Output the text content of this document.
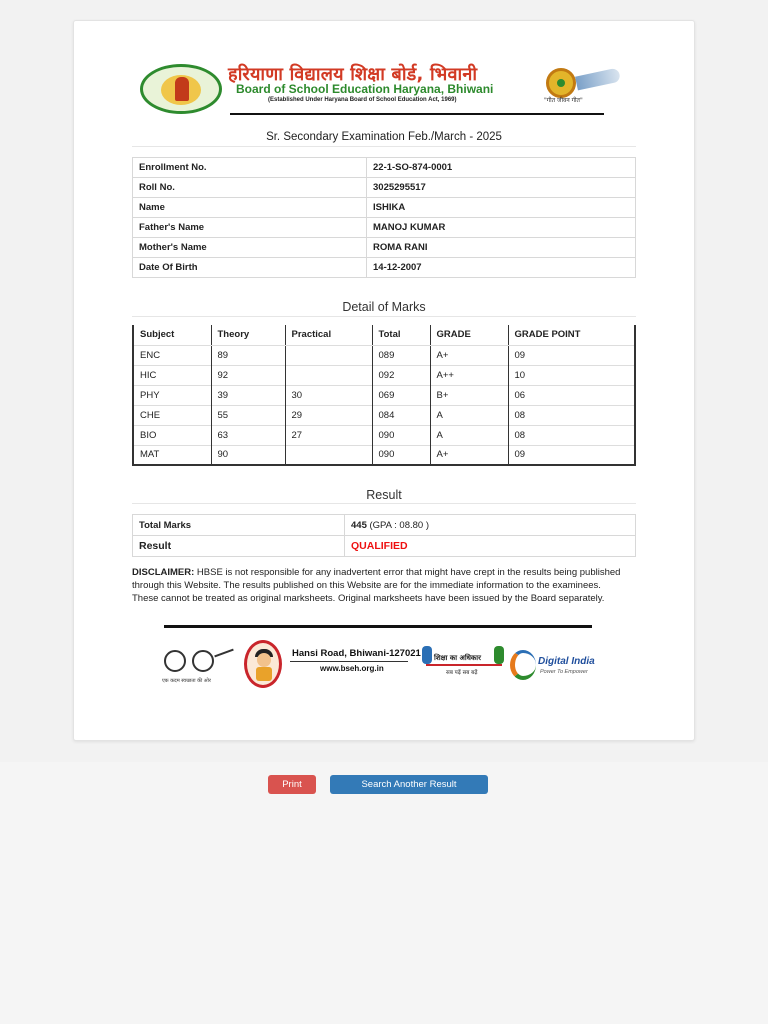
हरियाणा विद्यालय शिक्षा बोर्ड, भिवानी
Board of School Education Haryana, Bhiwani
(Established Under Haryana Board of School Education Act, 1969)	"गीत जीवन गीत"
Sr. Secondary Examination Feb./March - 2025
Enrollment No.	22-1-SO-874-0001
Roll No.	3025295517
Name	ISHIKA
Father's Name	MANOJ KUMAR
Mother's Name	ROMA RANI
Date Of Birth	14-12-2007
Detail of Marks
Subject	Theory	Practical	Total	GRADE	GRADE POINT
ENC	89		089	A+	09
HIC	92		092	A++	10
PHY	39	30	069	B+	06
CHE	55	29	084	A	08
BIO	63	27	090	A	08
MAT	90		090	A+	09
Result
Total Marks	445 (GPA : 08.80 )
Result	QUALIFIED
DISCLAIMER: HBSE is not responsible for any inadvertent error that might have crept in the results being published through this Website. The results published on this Website are for the immediate information to the examinees. These cannot be treated as original marksheets. Original marksheets have been issued by the Board separately.
एक कदम स्वच्छता की ओर
Hansi Road, Bhiwani-127021
www.bseh.org.in
शिक्षा का अधिकार
सब पढ़ें सब बढ़ें
Digital India
Power To Empower
Print	Search Another Result
